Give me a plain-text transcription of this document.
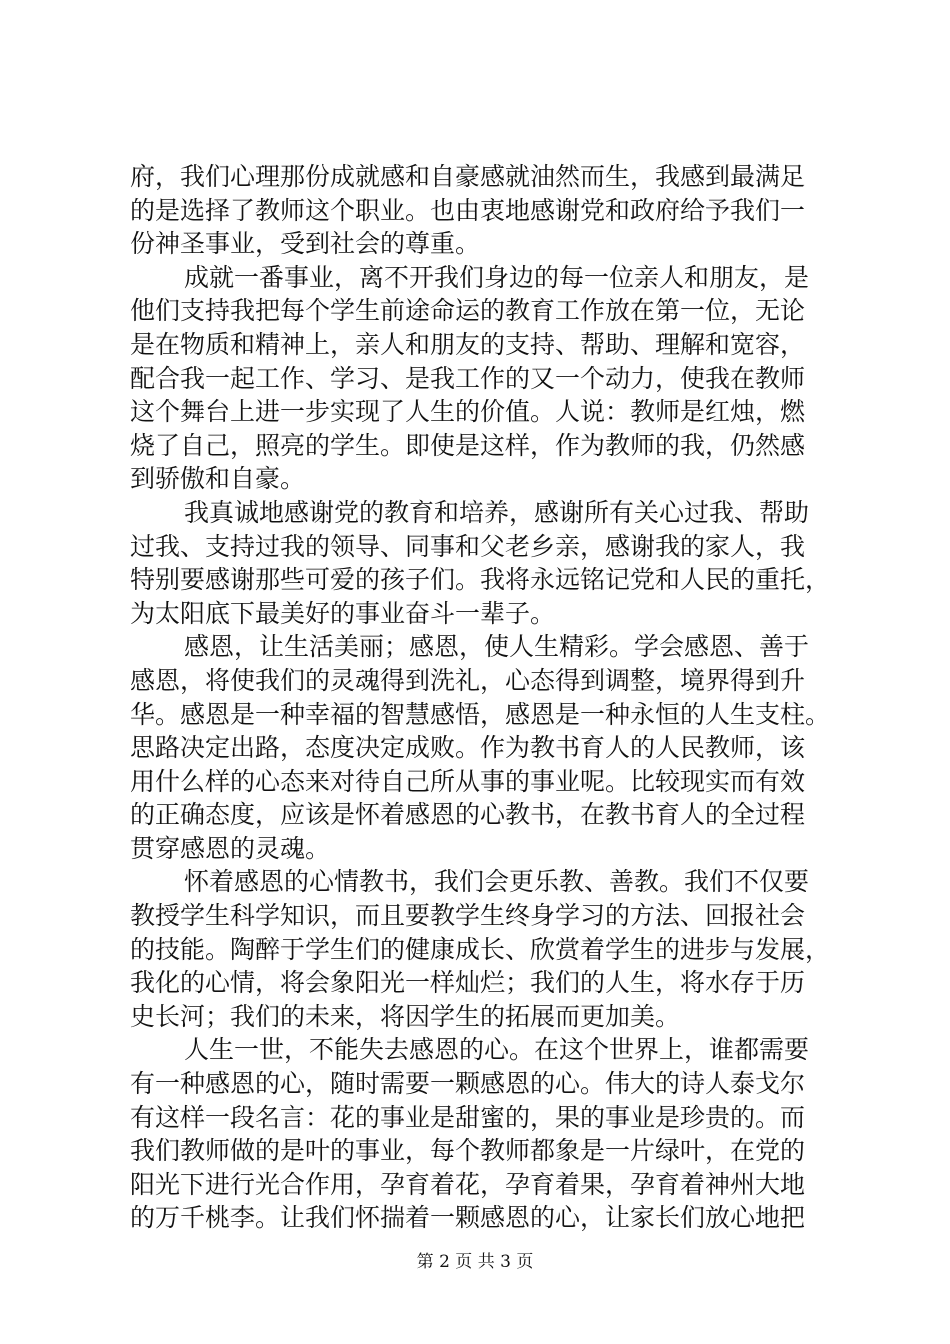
府，我们心理那份成就感和自豪感就油然而生，我感到最满足
的是选择了教师这个职业。也由衷地感谢党和政府给予我们一
份神圣事业，受到社会的尊重。
成就一番事业，离不开我们身边的每一位亲人和朋友，是
他们支持我把每个学生前途命运的教育工作放在第一位，无论
是在物质和精神上，亲人和朋友的支持、帮助、理解和宽容，
配合我一起工作、学习、是我工作的又一个动力，使我在教师
这个舞台上进一步实现了人生的价值。人说：教师是红烛，燃
烧了自己，照亮的学生。即使是这样，作为教师的我，仍然感
到骄傲和自豪。
我真诚地感谢党的教育和培养，感谢所有关心过我、帮助
过我、支持过我的领导、同事和父老乡亲，感谢我的家人，我
特别要感谢那些可爱的孩子们。我将永远铭记党和人民的重托，
为太阳底下最美好的事业奋斗一辈子。
感恩，让生活美丽；感恩，使人生精彩。学会感恩、善于
感恩，将使我们的灵魂得到洗礼，心态得到调整，境界得到升
华。感恩是一种幸福的智慧感悟，感恩是一种永恒的人生支柱。
思路决定出路，态度决定成败。作为教书育人的人民教师，该
用什么样的心态来对待自己所从事的事业呢。比较现实而有效
的正确态度，应该是怀着感恩的心教书，在教书育人的全过程
贯穿感恩的灵魂。
怀着感恩的心情教书，我们会更乐教、善教。我们不仅要
教授学生科学知识，而且要教学生终身学习的方法、回报社会
的技能。陶醉于学生们的健康成长、欣赏着学生的进步与发展，
我化的心情，将会象阳光一样灿烂；我们的人生，将水存于历
史长河；我们的未来，将因学生的拓展而更加美。
人生一世，不能失去感恩的心。在这个世界上，谁都需要
有一种感恩的心，随时需要一颗感恩的心。伟大的诗人泰戈尔
有这样一段名言：花的事业是甜蜜的，果的事业是珍贵的。而
我们教师做的是叶的事业，每个教师都象是一片绿叶，在党的
阳光下进行光合作用，孕育着花，孕育着果，孕育着神州大地
的万千桃李。让我们怀揣着一颗感恩的心，让家长们放心地把
第 2 页 共 3 页
